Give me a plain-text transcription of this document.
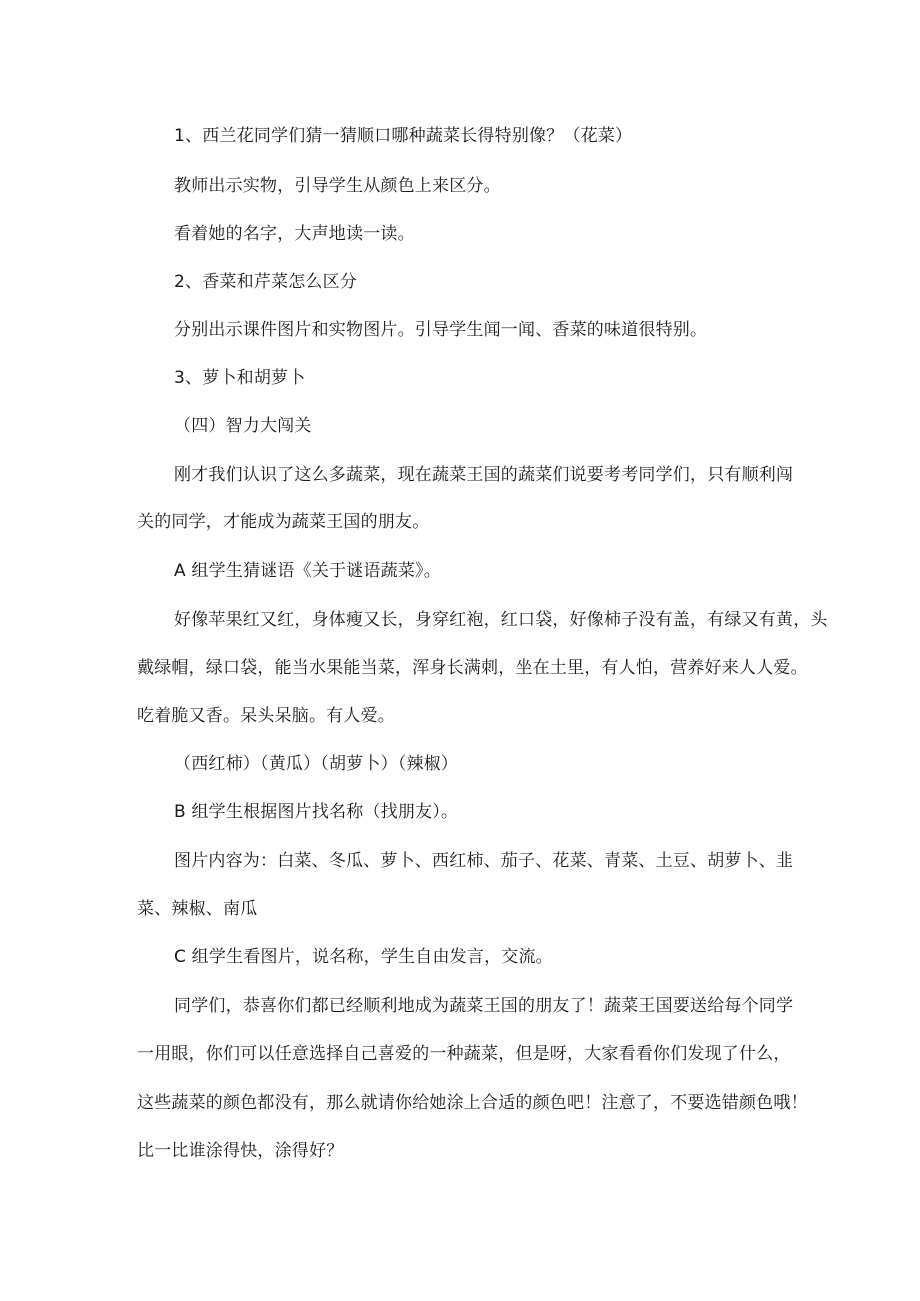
1、西兰花同学们猜一猜顺口哪种蔬菜长得特别像？（花菜）
教师出示实物，引导学生从颜色上来区分。
看着她的名字，大声地读一读。
2、香菜和芹菜怎么区分
分别出示课件图片和实物图片。引导学生闻一闻、香菜的味道很特别。
3、萝卜和胡萝卜
（四）智力大闯关
刚才我们认识了这么多蔬菜，现在蔬菜王国的蔬菜们说要考考同学们，只有顺利闯
关的同学，才能成为蔬菜王国的朋友。
A 组学生猜谜语《关于谜语蔬菜》。
好像苹果红又红，身体瘦又长，身穿红袍，红口袋，好像柿子没有盖，有绿又有黄，头
戴绿帽，绿口袋，能当水果能当菜，浑身长满刺，坐在土里，有人怕，营养好来人人爱。
吃着脆又香。呆头呆脑。有人爱。
（西红柿）（黄瓜）（胡萝卜）（辣椒）
B 组学生根据图片找名称（找朋友）。
图片内容为：白菜、冬瓜、萝卜、西红柿、茄子、花菜、青菜、土豆、胡萝卜、韭
菜、辣椒、南瓜
C 组学生看图片，说名称，学生自由发言，交流。
同学们，恭喜你们都已经顺利地成为蔬菜王国的朋友了！蔬菜王国要送给每个同学
一用眼，你们可以任意选择自己喜爱的一种蔬菜，但是呀，大家看看你们发现了什么，
这些蔬菜的颜色都没有，那么就请你给她涂上合适的颜色吧！注意了，不要选错颜色哦！
比一比谁涂得快，涂得好？
